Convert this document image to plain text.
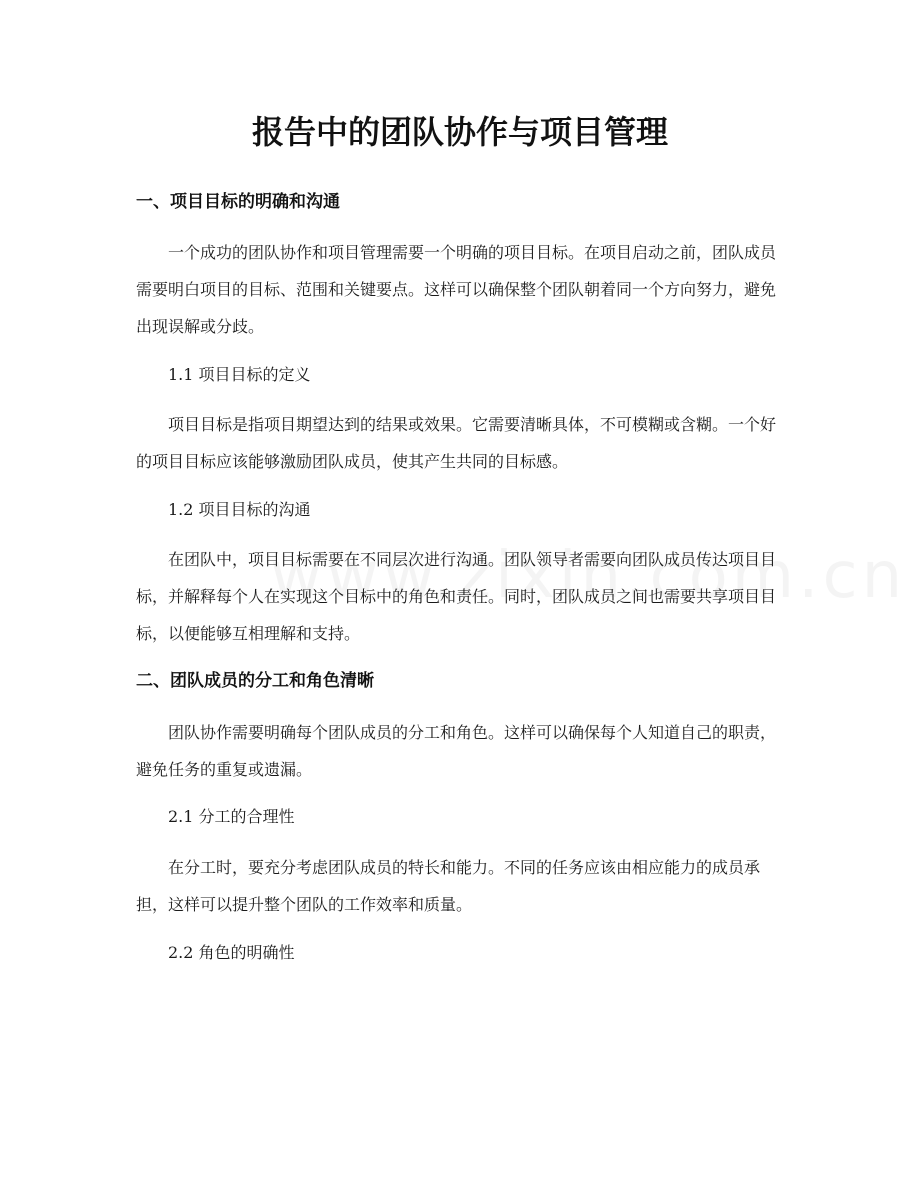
报告中的团队协作与项目管理
一、项目目标的明确和沟通

一个成功的团队协作和项目管理需要一个明确的项目目标。在项目启动之前，团队成员需要明白项目的目标、范围和关键要点。这样可以确保整个团队朝着同一个方向努力，避免出现误解或分歧。

1.1 项目目标的定义

项目目标是指项目期望达到的结果或效果。它需要清晰具体，不可模糊或含糊。一个好的项目目标应该能够激励团队成员，使其产生共同的目标感。

1.2 项目目标的沟通

在团队中，项目目标需要在不同层次进行沟通。团队领导者需要向团队成员传达项目目标，并解释每个人在实现这个目标中的角色和责任。同时，团队成员之间也需要共享项目目标，以便能够互相理解和支持。

二、团队成员的分工和角色清晰

团队协作需要明确每个团队成员的分工和角色。这样可以确保每个人知道自己的职责，避免任务的重复或遗漏。

2.1 分工的合理性

在分工时，要充分考虑团队成员的特长和能力。不同的任务应该由相应能力的成员承担，这样可以提升整个团队的工作效率和质量。

2.2 角色的明确性
